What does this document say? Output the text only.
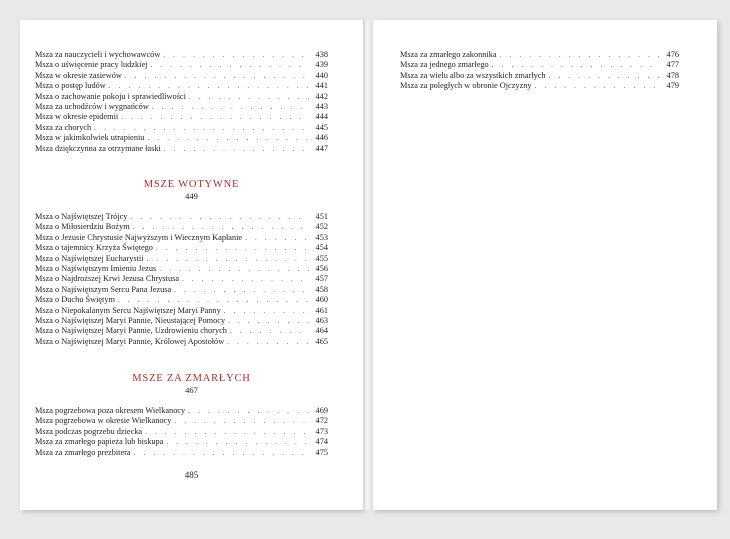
Msza za nauczycieli i wychowawców . . .	438
Msza o uświęcenie pracy ludzkiej . . .	439
Msza w okresie zasiewów . . .	440
Msza o postęp ludów . . .	441
Msza o zachowanie pokoju i sprawiedliwości . . .	442
Msza za uchodźców i wygnańców . . .	443
Msza w okresie epidemii . . .	444
Msza za chorych . . .	445
Msza w jakimkolwiek utrapieniu . . .	446
Msza dziękczynna za otrzymane łaski . . .	447
MSZE WOTYWNE
449
Msza o Najświętszej Trójcy . . .	451
Msza o Miłosierdziu Bożym . . .	452
Msza o Jezusie Chrystusie Najwyższym i Wiecznym Kapłanie . . .	453
Msza o tajemnicy Krzyża Świętego . . .	454
Msza o Najświętszej Eucharystii . . .	455
Msza o Najświętszym Imieniu Jezus . . .	456
Msza o Najdroższej Krwi Jezusa Chrystusa . . .	457
Msza o Najświętszym Sercu Pana Jezusa . . .	458
Msza o Duchu Świętym . . .	460
Msza o Niepokalanym Sercu Najświętszej Maryi Panny . . .	461
Msza o Najświętszej Maryi Pannie, Nieustającej Pomocy . . .	463
Msza o Najświętszej Maryi Pannie, Uzdrowieniu chorych . . .	464
Msza o Najświętszej Maryi Pannie, Królowej Apostołów . . .	465
MSZE ZA ZMARŁYCH
467
Msza pogrzebowa poza okresem Wielkanocy . . .	469
Msza pogrzebowa w okresie Wielkanocy . . .	472
Msza podczas pogrzebu dziecka . . .	473
Msza za zmarłego papieża lub biskupa . . .	474
Msza za zmarłego prezbitera . . .	475
485
Msza za zmarłego zakonnika . . .	476
Msza za jednego zmarłego . . .	477
Msza za wielu albo za wszystkich zmarłych . . .	478
Msza za poległych w obronie Ojczyzny . . .	479
